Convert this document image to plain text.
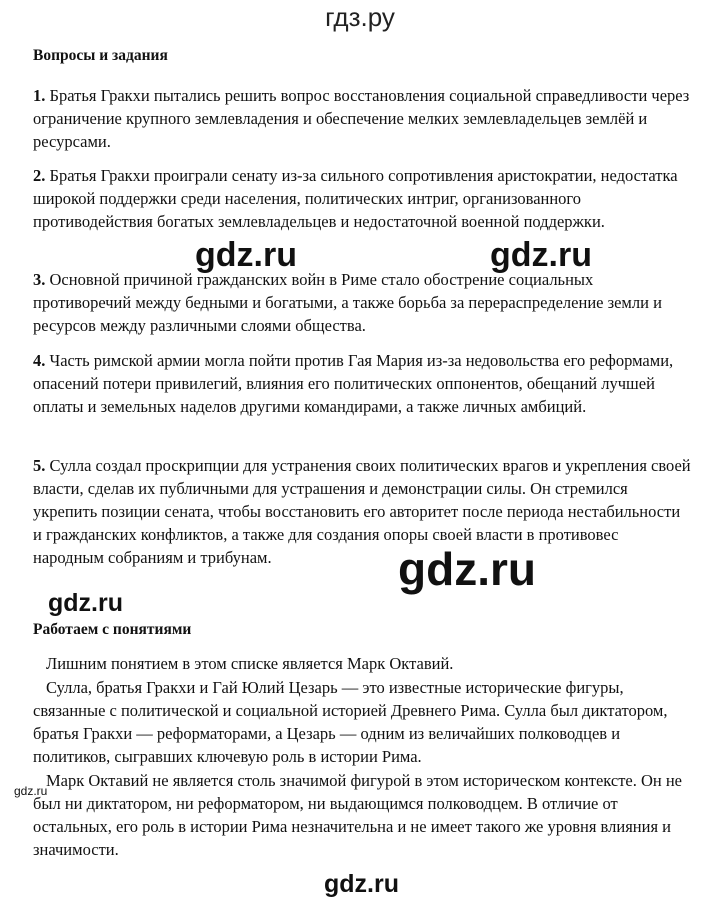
гдз.ру
Вопросы и задания
1. Братья Гракхи пытались решить вопрос восстановления социальной справедливости через ограничение крупного землевладения и обеспечение мелких землевладельцев землёй и ресурсами.
2. Братья Гракхи проиграли сенату из-за сильного сопротивления аристократии, недостатка широкой поддержки среди населения, политических интриг, организованного противодействия богатых землевладельцев и недостаточной военной поддержки.
3. Основной причиной гражданских войн в Риме стало обострение социальных противоречий между бедными и богатыми, а также борьба за перераспределение земли и ресурсов между различными слоями общества.
4. Часть римской армии могла пойти против Гая Мария из-за недовольства его реформами, опасений потери привилегий, влияния его политических оппонентов, обещаний лучшей оплаты и земельных наделов другими командирами, а также личных амбиций.
5. Сулла создал проскрипции для устранения своих политических врагов и укрепления своей власти, сделав их публичными для устрашения и демонстрации силы. Он стремился укрепить позиции сената, чтобы восстановить его авторитет после периода нестабильности и гражданских конфликтов, а также для создания опоры своей власти в противовес народным собраниям и трибунам.
Работаем с понятиями
Лишним понятием в этом списке является Марк Октавий.
Сулла, братья Гракхи и Гай Юлий Цезарь — это известные исторические фигуры, связанные с политической и социальной историей Древнего Рима. Сулла был диктатором, братья Гракхи — реформаторами, а Цезарь — одним из величайших полководцев и политиков, сыгравших ключевую роль в истории Рима.
Марк Октавий не является столь значимой фигурой в этом историческом контексте. Он не был ни диктатором, ни реформатором, ни выдающимся полководцем. В отличие от остальных, его роль в истории Рима незначительна и не имеет такого же уровня влияния и значимости.
gdz.ru	gdz.ru
gdz.ru
gdz.ru
gdz.ru
gdz.ru
